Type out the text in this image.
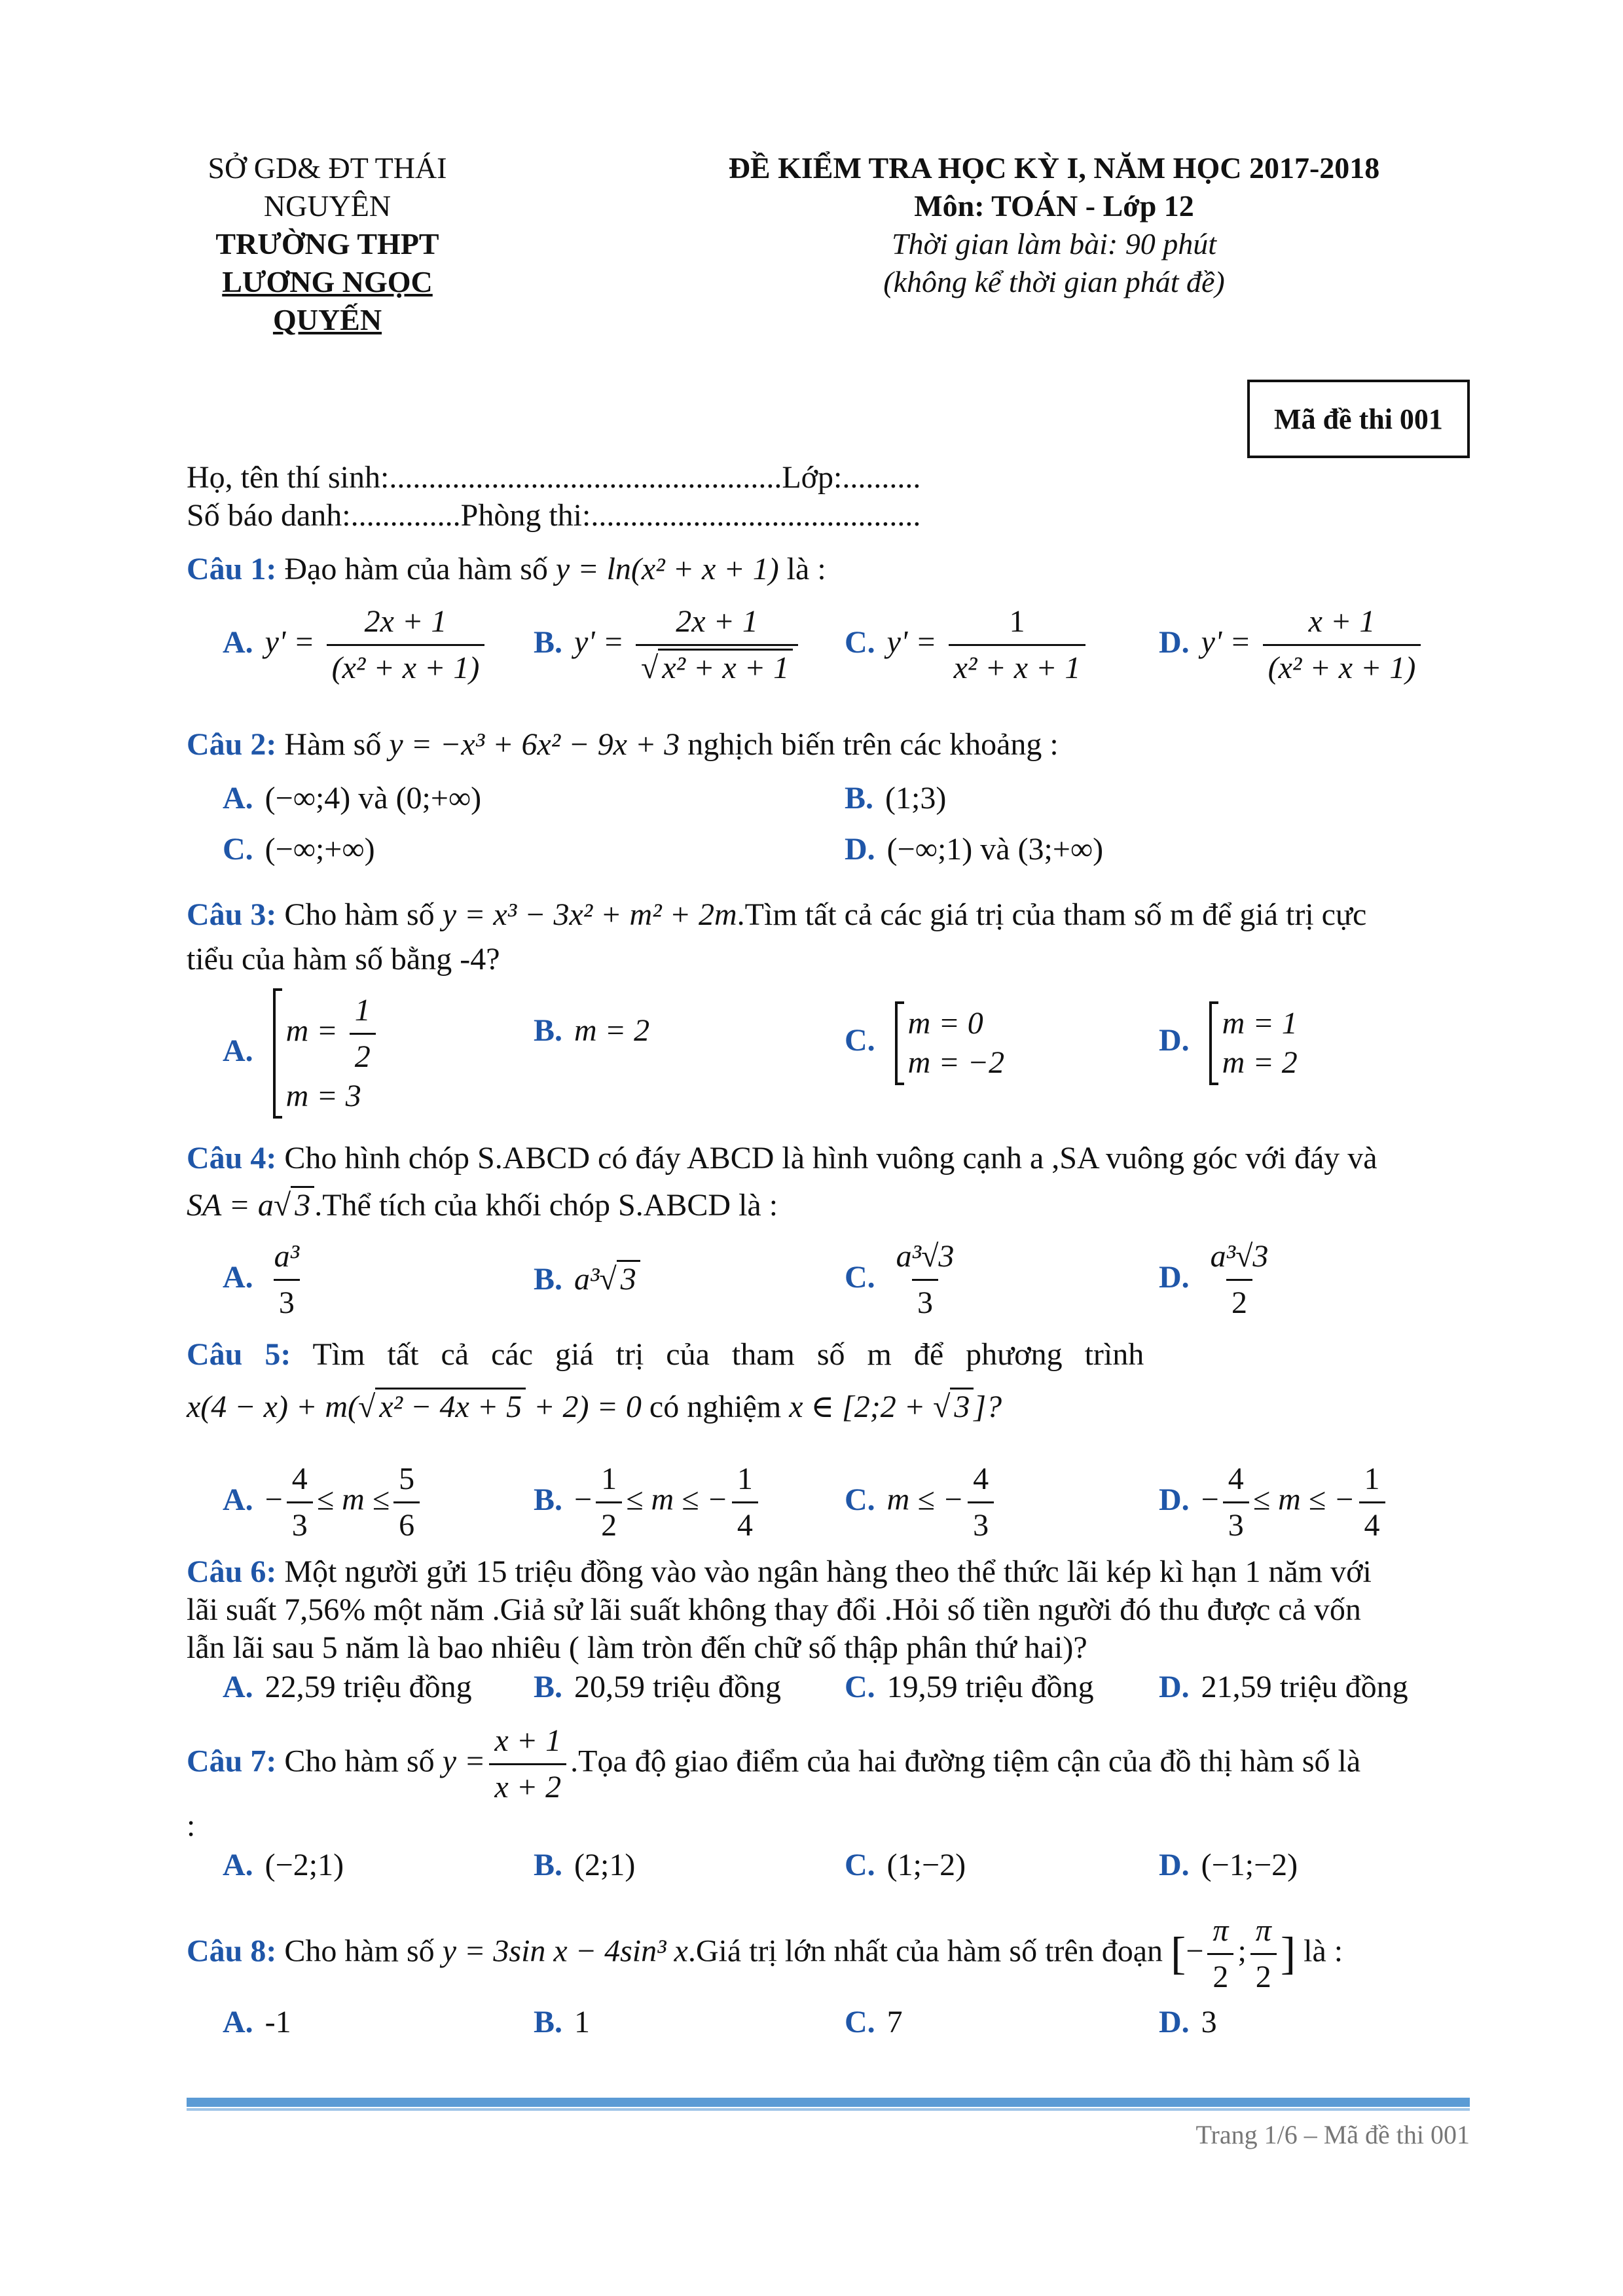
SỞ GD& ĐT THÁI NGUYÊN
TRƯỜNG THPT
LƯƠNG NGỌC QUYẾN
ĐỀ KIỂM TRA HỌC KỲ I, NĂM HỌC 2017-2018
Môn: TOÁN - Lớp 12
Thời gian làm bài: 90 phút
(không kể thời gian phát đề)
Mã đề thi 001
Họ, tên thí sinh:..................................................Lớp:..........
Số báo danh:..............Phòng thi:..........................................
Câu 1: Đạo hàm của hàm số y = ln(x² + x + 1) là :
A. $y' = \frac{2x + 1}{\text{(x² + x + 1)}} B$. $y' = \frac{2x + 1}{\text{√ x² + x + 1}} C$. $y' = \frac{1}{\text{x² + x + 1}} D$. $y' = \frac{x + 1}{\text{(x² + x + 1)}}$
Câu 2: Hàm số y = −x³ + 6x² − 9x + 3 nghịch biến trên các khoảng :
A. (−∞;4) và (0;+∞)	B. (1;3)
C. (−∞;+∞)	D. (−∞;1) và (3;+∞)
Câu 3: Cho hàm số y = x³ − 3x² + m² + 2m.Tìm tất cả các giá trị của tham số m để giá trị cực
tiểu của hàm số bằng -4?
A.
$m = \frac{1}{2}$
m = 3
B. m = 2	C. m = 0
m = −2
D. m = 1
m = 2
Câu 4: Cho hình chóp S.ABCD có đáy ABCD là hình vuông cạnh a ,SA vuông góc với đáy và
SA = a√ 3 .Thể tích của khối chóp S.ABCD là :
A. $\frac{\text{a³}}{3}$	B. a³√ 3	C. $\frac{\text{a³√3}}{3}$	D. $\frac{\text{a³√3}}{2}$
Câu 5: Tìm tất cả các giá trị của tham số m để phương trình
x(4 − x) + m(√ x² − 4x + 5 + 2) = 0 có nghiệm x ∈ [2;2 + √ 3 ]?
A. − $\frac{4}{3} \le m \le \frac{5}{6}$	B. − $\frac{1}{2} \le m$ ≤ − $\frac{1}{4}$	C. m ≤ − $\frac{4}{3}$	D. − $\frac{4}{3} \le m$ ≤ − $\frac{1}{4}$
Câu 6: Một người gửi 15 triệu đồng vào vào ngân hàng theo thể thức lãi kép kì hạn 1 năm với
lãi suất 7,56% một năm .Giả sử lãi suất không thay đổi .Hỏi số tiền người đó thu được cả vốn
lẫn lãi sau 5 năm là bao nhiêu ( làm tròn đến chữ số thập phân thứ hai)?
A. 22,59 triệu đồng B. 20,59 triệu đồng C. 19,59 triệu đồng D. 21,59 triệu đồng
Câu 7: Cho hàm số $y = \frac{x + 1}{x + 2}$ .Tọa độ giao điểm của hai đường tiệm cận của đồ thị hàm số là
:
A. (−2;1)	B. (2;1)	C. (1;−2)	D. (−1;−2)
Câu 8: Cho hàm số y = 3sin x − 4sin³ x.Giá trị lớn nhất của hàm số trên đoạn [− $\frac{\pi}{2}$ ; $\frac{\pi}{2}$ ] là :
A. -1	B. 1	C. 7	D. 3
Trang 1/6 – Mã đề thi 001
